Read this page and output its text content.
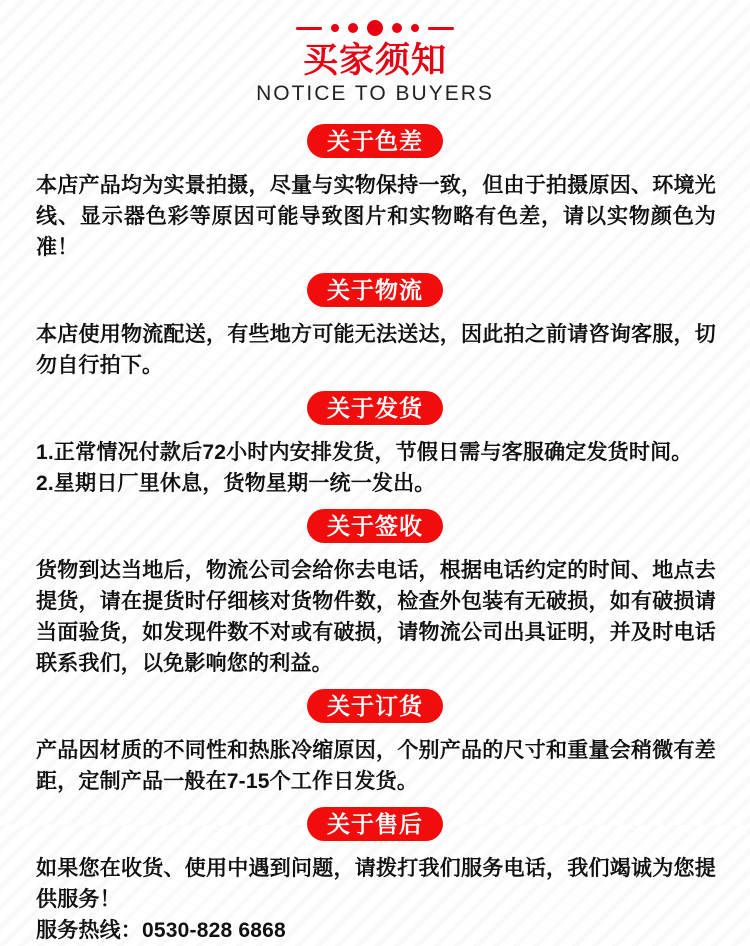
买家须知
NOTICE TO BUYERS
关于色差

本店产品均为实景拍摄，尽量与实物保持一致，但由于拍摄原因、环境光线、显示器色彩等原因可能导致图片和实物略有色差，请以实物颜色为准！

关于物流

本店使用物流配送，有些地方可能无法送达，因此拍之前请咨询客服，切勿自行拍下。

关于发货

1.正常情况付款后72小时内安排发货，节假日需与客服确定发货时间。

2.星期日厂里休息，货物星期一统一发出。

关于签收

货物到达当地后，物流公司会给你去电话，根据电话约定的时间、地点去提货，请在提货时仔细核对货物件数，检查外包装有无破损，如有破损请当面验货，如发现件数不对或有破损，请物流公司出具证明，并及时电话联系我们，以免影响您的利益。

关于订货

产品因材质的不同性和热胀冷缩原因，个别产品的尺寸和重量会稍微有差距，定制产品一般在7-15个工作日发货。

关于售后

如果您在收货、使用中遇到问题，请拨打我们服务电话，我们竭诚为您提供服务！

服务热线：0530-828 6868
